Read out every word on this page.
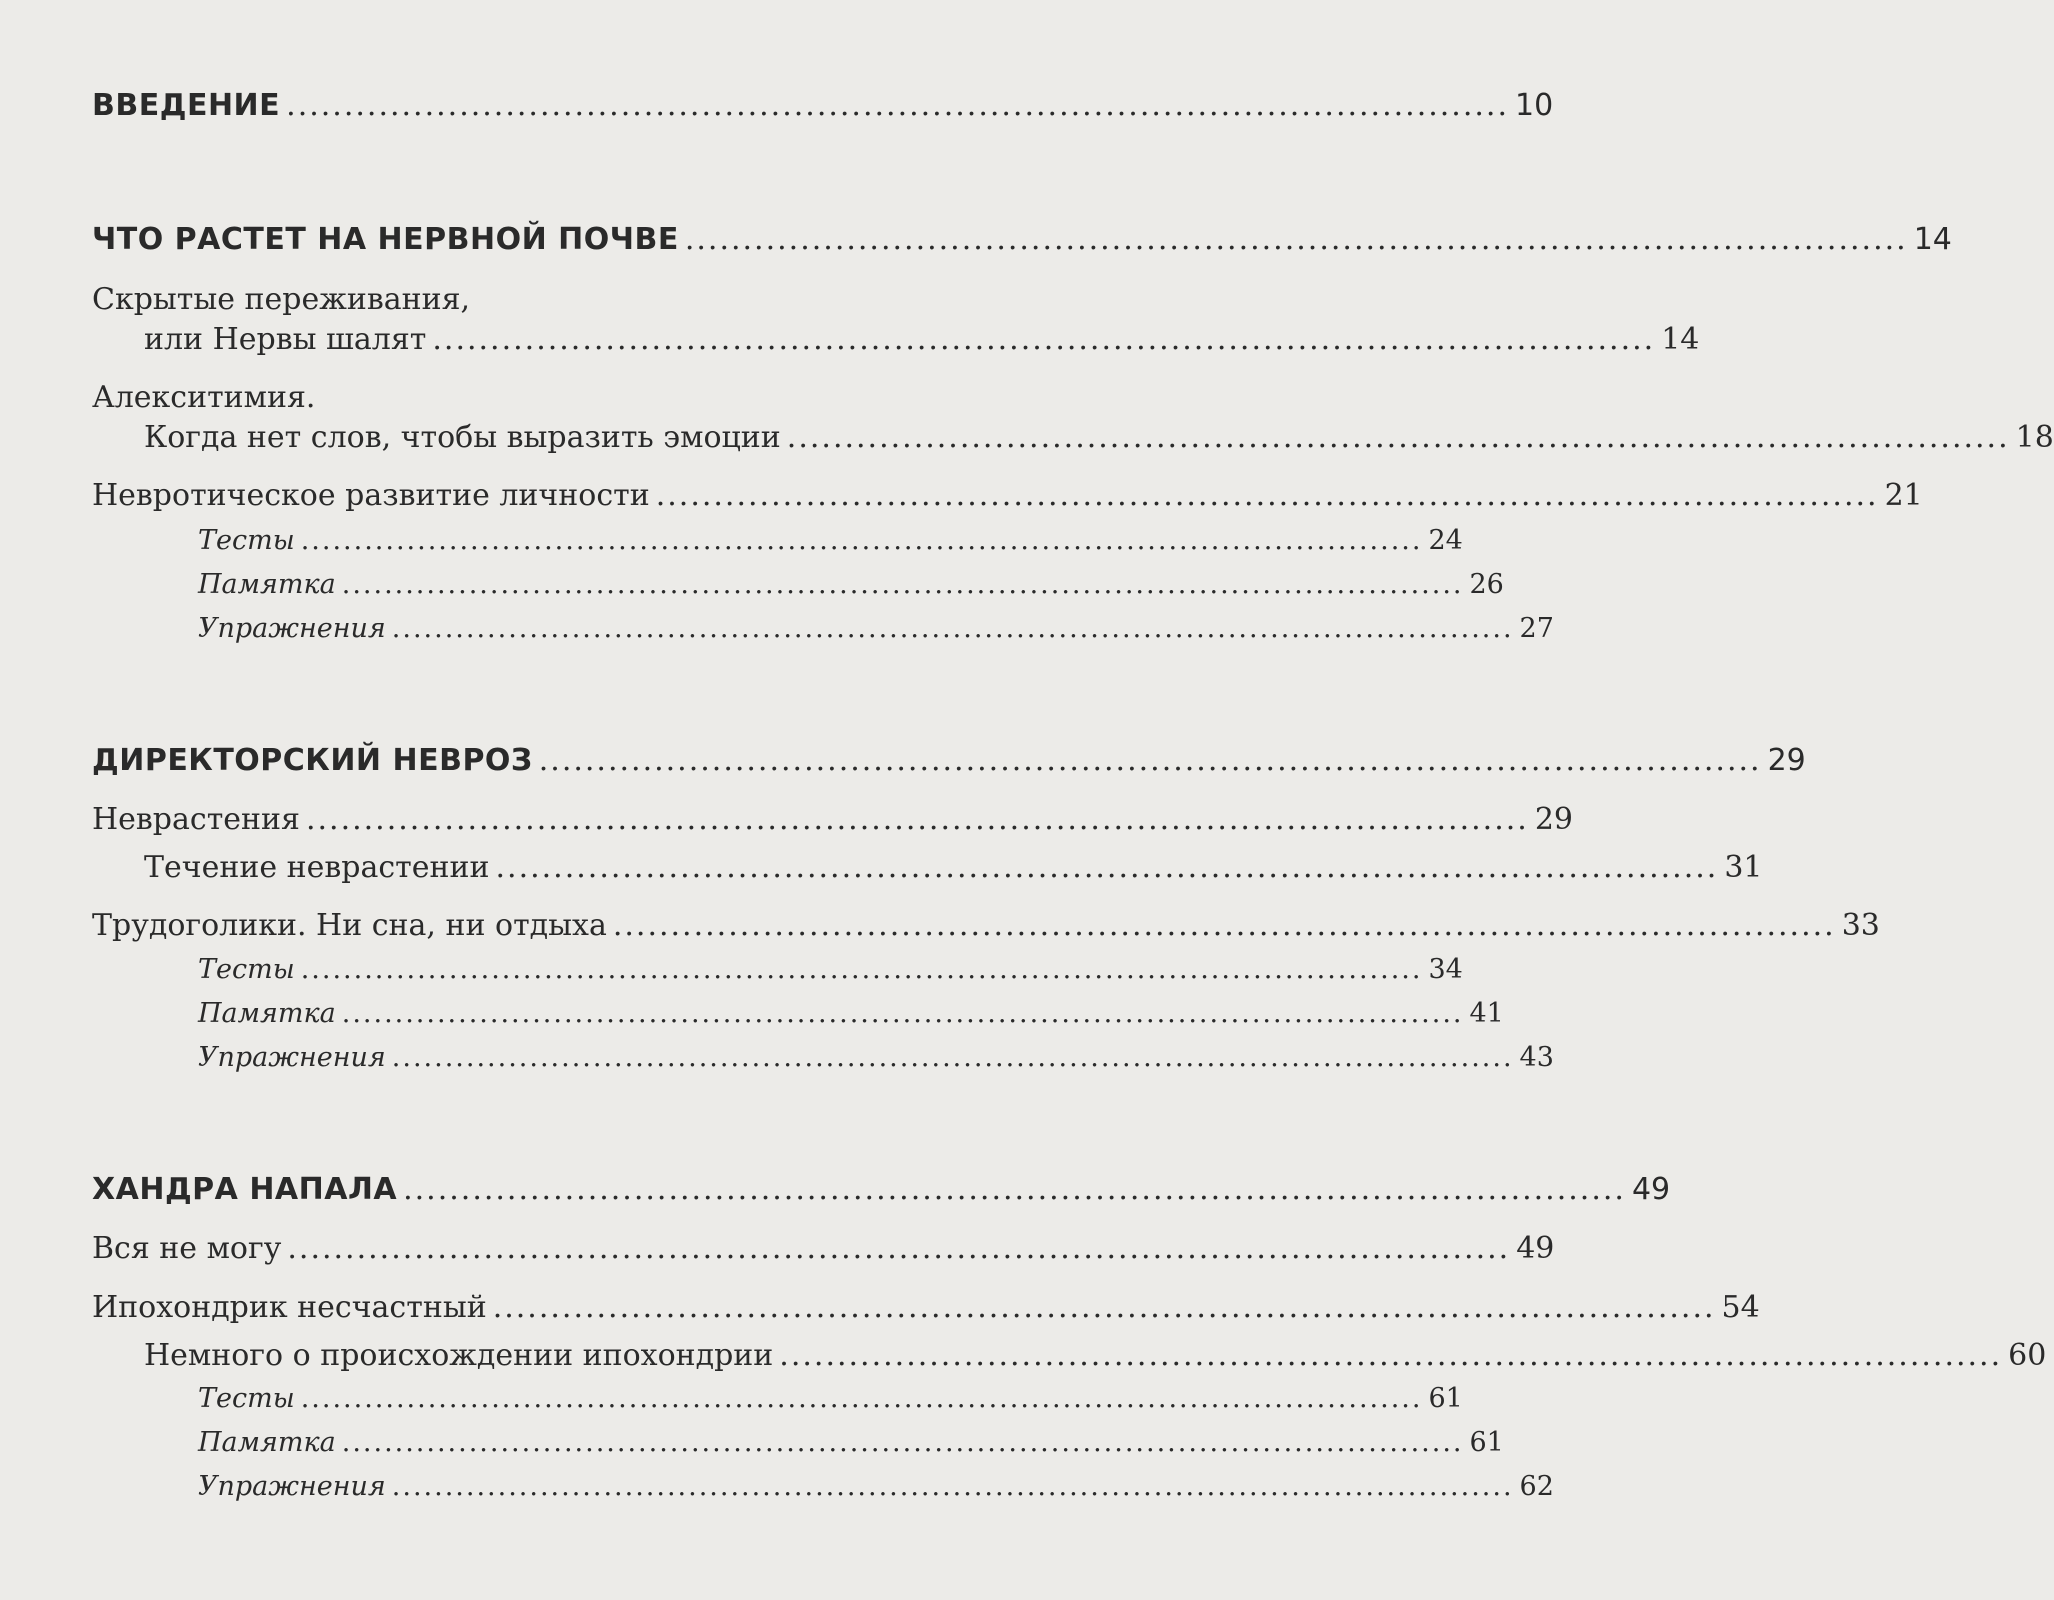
ВВЕДЕНИЕ .......................................................................................................... 10
ЧТО РАСТЕТ НА НЕРВНОЙ ПОЧВЕ .......................................................................................................... 14
Скрытые переживания,
или Нервы шалят .......................................................................................................... 14
Алекситимия.
Когда нет слов, чтобы выразить эмоции .......................................................................................................... 18
Невротическое развитие личности .......................................................................................................... 21
Тесты .......................................................................................................... 24
Памятка .......................................................................................................... 26
Упражнения .......................................................................................................... 27
ДИРЕКТОРСКИЙ НЕВРОЗ .......................................................................................................... 29
Неврастения .......................................................................................................... 29
Течение неврастении .......................................................................................................... 31
Трудоголики. Ни сна, ни отдыха .......................................................................................................... 33
Тесты .......................................................................................................... 34
Памятка .......................................................................................................... 41
Упражнения .......................................................................................................... 43
ХАНДРА НАПАЛА .......................................................................................................... 49
Вся не могу .......................................................................................................... 49
Ипохондрик несчастный .......................................................................................................... 54
Немного о происхождении ипохондрии .......................................................................................................... 60
Тесты .......................................................................................................... 61
Памятка .......................................................................................................... 61
Упражнения .......................................................................................................... 62
